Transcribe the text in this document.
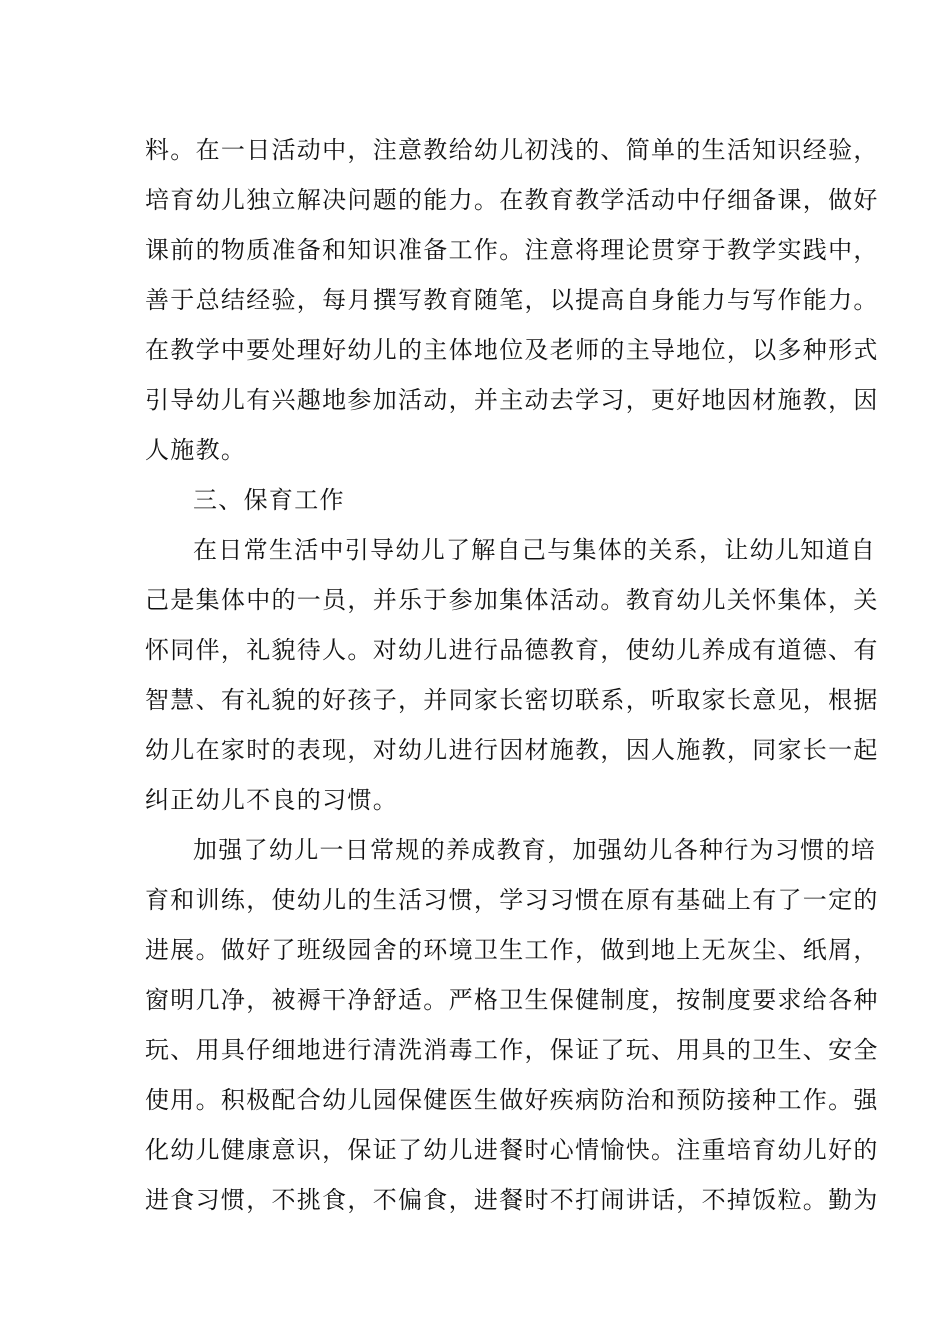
料。在一日活动中，注意教给幼儿初浅的、简单的生活知识经验，
培育幼儿独立解决问题的能力。在教育教学活动中仔细备课，做好
课前的物质准备和知识准备工作。注意将理论贯穿于教学实践中，
善于总结经验，每月撰写教育随笔，以提高自身能力与写作能力。
在教学中要处理好幼儿的主体地位及老师的主导地位，以多种形式
引导幼儿有兴趣地参加活动，并主动去学习，更好地因材施教，因
人施教。
三、保育工作
在日常生活中引导幼儿了解自己与集体的关系，让幼儿知道自
己是集体中的一员，并乐于参加集体活动。教育幼儿关怀集体，关
怀同伴，礼貌待人。对幼儿进行品德教育，使幼儿养成有道德、有
智慧、有礼貌的好孩子，并同家长密切联系，听取家长意见，根据
幼儿在家时的表现，对幼儿进行因材施教，因人施教，同家长一起
纠正幼儿不良的习惯。
加强了幼儿一日常规的养成教育，加强幼儿各种行为习惯的培
育和训练，使幼儿的生活习惯，学习习惯在原有基础上有了一定的
进展。做好了班级园舍的环境卫生工作，做到地上无灰尘、纸屑，
窗明几净，被褥干净舒适。严格卫生保健制度，按制度要求给各种
玩、用具仔细地进行清洗消毒工作，保证了玩、用具的卫生、安全
使用。积极配合幼儿园保健医生做好疾病防治和预防接种工作。强
化幼儿健康意识，保证了幼儿进餐时心情愉快。注重培育幼儿好的
进食习惯，不挑食，不偏食，进餐时不打闹讲话，不掉饭粒。勤为
